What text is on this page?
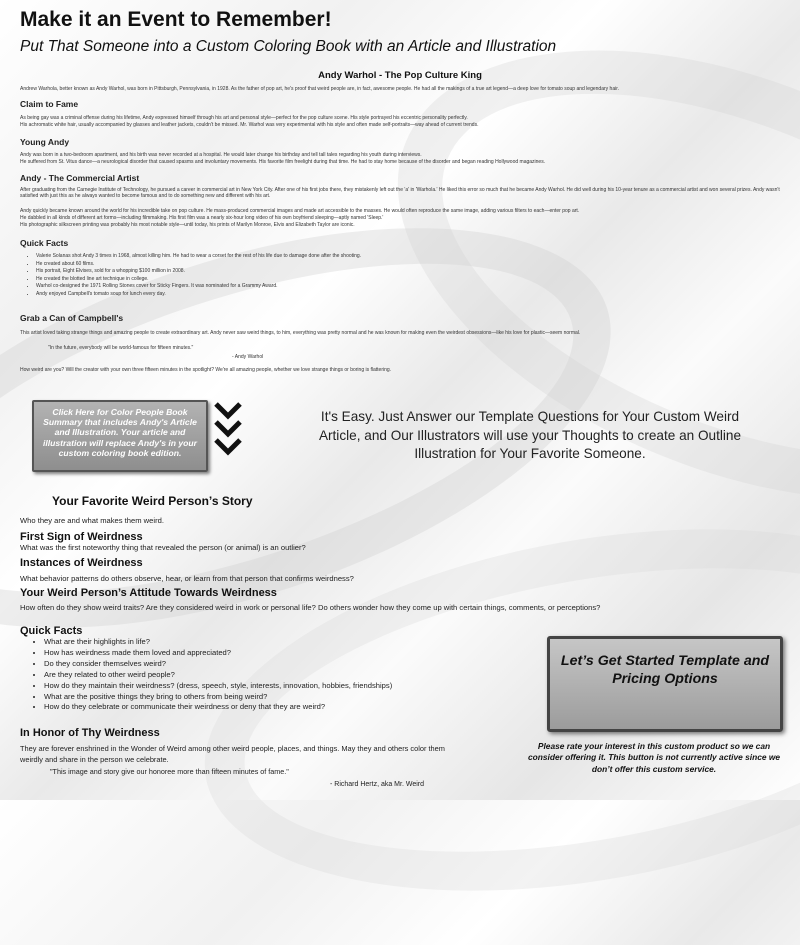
Make it an Event to Remember!
Put That Someone into a Custom Coloring Book with an Article and Illustration
Andy Warhol - The Pop Culture King
Andrew Warhola, better known as Andy Warhol, was born in Pittsburgh, Pennsylvania, in 1928. As the father of pop art, he's proof that weird people are, in fact, awesome people. He had all the makings of a true art legend—a deep love for tomato soup and legendary hair.
Claim to Fame
As being gay was a criminal offense during his lifetime, Andy expressed himself through his art and personal style—perfect for the pop culture scene. His style portrayed his eccentric personality perfectly.
His achromatic white hair, usually accompanied by glasses and leather jackets, couldn't be missed. Mr. Warhol was very experimental with his style and often made self-portraits—way ahead of current trends.
Young Andy
Andy was born in a two-bedroom apartment, and his birth was never recorded at a hospital. He would later change his birthday and tell tall tales regarding his youth during interviews.
He suffered from St. Vitus dance—a neurological disorder that caused spasms and involuntary movements. His favorite film freelight during that time. He had to stay home because of the disorder and began reading Hollywood magazines.
Andy - The Commercial Artist
After graduating from the Carnegie Institute of Technology, he pursued a career in commercial art in New York City. After one of his first jobs there, they mistakenly left out the 'a' in 'Warhola.' He liked this error so much that he became Andy Warhol. He did well during his 10-year tenure as a commercial artist and won several prizes. Andy wasn't satisfied with just this as he always wanted to become famous and to do something new and different with his art.
Andy quickly became known around the world for his incredible take on pop culture. He mass-produced commercial images and made art accessible to the masses. He would often reproduce the same image, adding various filters to each—enter pop art.
He dabbled in all kinds of different art forms—including filmmaking. His first film was a nearly six-hour long video of his own boyfriend sleeping—aptly named 'Sleep.'
His photographic silkscreen printing was probably his most notable style—until today, his prints of Marilyn Monroe, Elvis and Elizabeth Taylor are iconic.
Quick Facts
• Valerie Solanas shot Andy 3 times in 1968, almost killing him. He had to wear a corset for the rest of his life due to damage done after the shooting.
• He created about 60 films.
• His portrait, Eight Elvises, sold for a whopping $100 million in 2008.
• He created the blotted line art technique in college.
• Warhol co-designed the 1971 Rolling Stones cover for Sticky Fingers. It was nominated for a Grammy Award.
• Andy enjoyed Campbell's tomato soup for lunch every day.
Grab a Can of Campbell's
This artist loved taking strange things and amazing people to create extraordinary art. Andy never saw weird things, to him, everything was pretty normal and he was known for making even the weirdest obsessions—like his love for plastic—seem normal.
"In the future, everybody will be world-famous for fifteen minutes."
- Andy Warhol
How weird are you? Will the creator with your own three fifteen minutes in the spotlight? We're all amazing people, whether we love strange things or boring is flattering.
Click Here for Color People Book Summary that includes Andy's Article and Illustration. Your article and illustration will replace Andy's in your custom coloring book edition.
It's Easy. Just Answer our Template Questions for Your Custom Weird Article, and Our Illustrators will use your Thoughts to create an Outline Illustration for Your Favorite Someone.
Your Favorite Weird Person’s Story
Who they are and what makes them weird.
First Sign of Weirdness
What was the first noteworthy thing that revealed the person (or animal) is an outlier?
Instances of Weirdness
What behavior patterns do others observe, hear, or learn from that person that confirms weirdness?
Your Weird Person’s Attitude Towards Weirdness
How often do they show weird traits? Are they considered weird in work or personal life? Do others wonder how they come up with certain things, comments, or perceptions?
Quick Facts
• What are their highlights in life?
• How has weirdness made them loved and appreciated?
• Do they consider themselves weird?
• Are they related to other weird people?
• How do they maintain their weirdness? (dress, speech, style, interests, innovation, hobbies, friendships)
• What are the positive things they bring to others from being weird?
• How do they celebrate or communicate their weirdness or deny that they are weird?
In Honor of Thy Weirdness
They are forever enshrined in the Wonder of Weird among other weird people, places, and things. May they and others color them weirdly and share in the person we celebrate.
"This image and story give our honoree more than fifteen minutes of fame."
- Richard Hertz, aka Mr. Weird
Let’s Get Started Template and Pricing Options
Please rate your interest in this custom product so we can consider offering it. This button is not currently active since we don’t offer this custom service.
